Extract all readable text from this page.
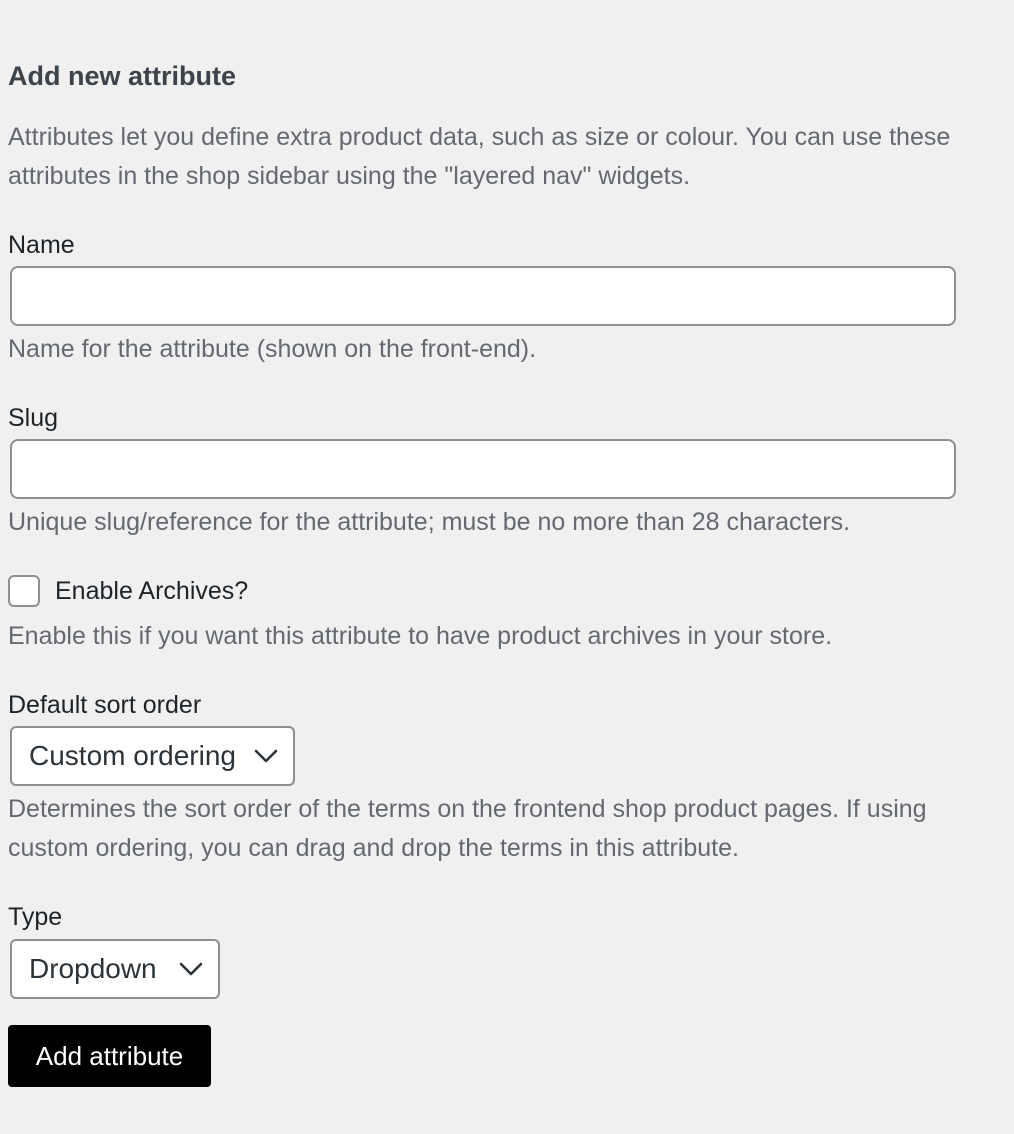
Add new attribute

Attributes let you define extra product data, such as size or colour. You can use these attributes in the shop sidebar using the "layered nav" widgets.

Name

Name for the attribute (shown on the front-end).

Slug

Unique slug/reference for the attribute; must be no more than 28 characters.

Enable Archives?

Enable this if you want this attribute to have product archives in your store.

Default sort order
Custom ordering

Determines the sort order of the terms on the frontend shop product pages. If using custom ordering, you can drag and drop the terms in this attribute.

Type
Dropdown
Add attribute
